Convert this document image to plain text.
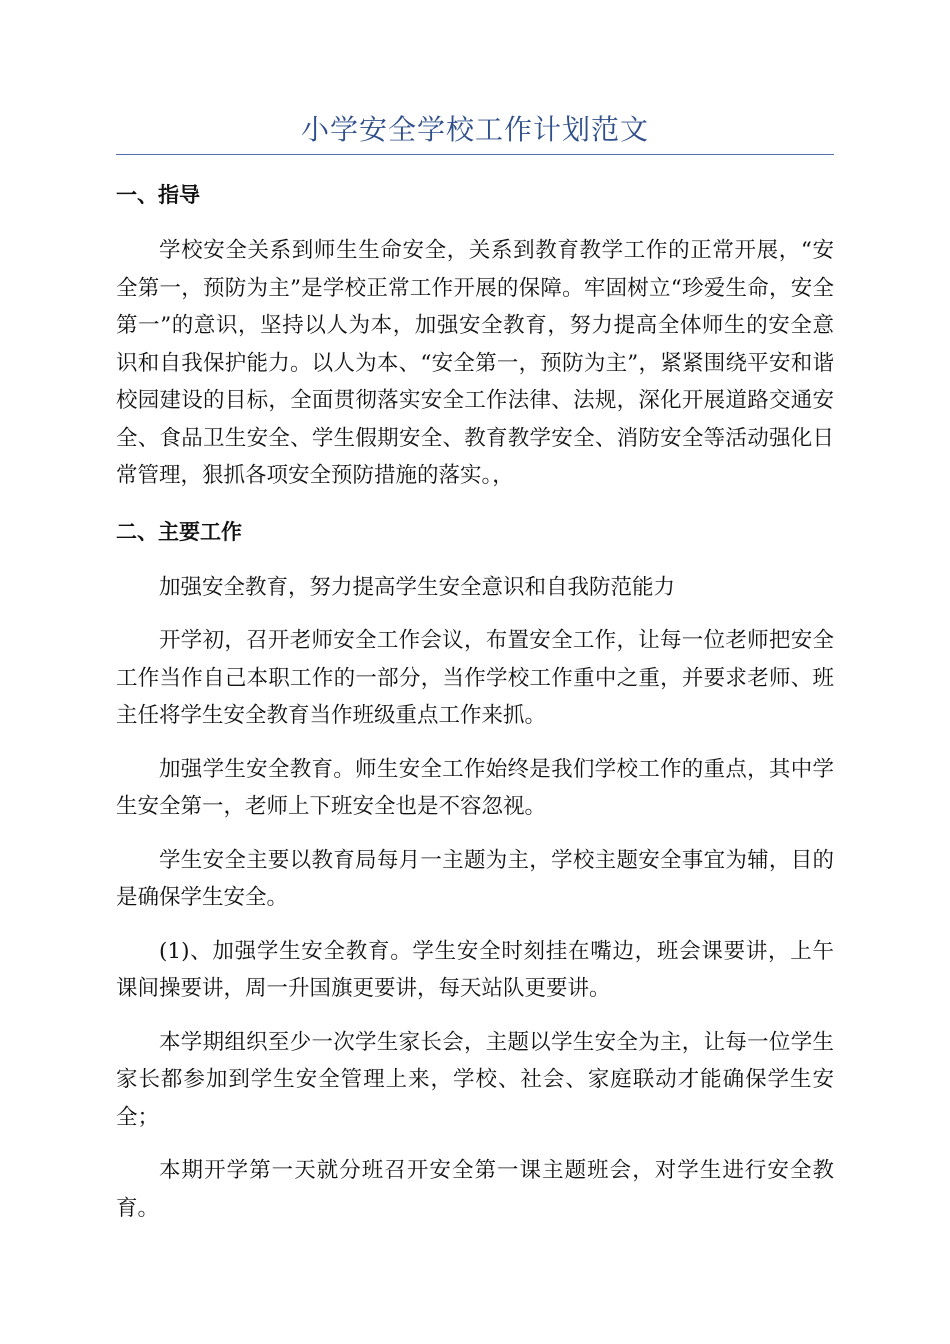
小学安全学校工作计划范文

一、指导

学校安全关系到师生生命安全，关系到教育教学工作的正常开展，“安全第一，预防为主”是学校正常工作开展的保障。牢固树立“珍爱生命，安全第一”的意识，坚持以人为本，加强安全教育，努力提高全体师生的安全意识和自我保护能力。以人为本、“安全第一，预防为主”，紧紧围绕平安和谐校园建设的目标，全面贯彻落实安全工作法律、法规，深化开展道路交通安全、食品卫生安全、学生假期安全、教育教学安全、消防安全等活动强化日常管理，狠抓各项安全预防措施的落实。，

二、主要工作

加强安全教育，努力提高学生安全意识和自我防范能力

开学初，召开老师安全工作会议，布置安全工作，让每一位老师把安全工作当作自己本职工作的一部分，当作学校工作重中之重，并要求老师、班主任将学生安全教育当作班级重点工作来抓。

加强学生安全教育。师生安全工作始终是我们学校工作的重点，其中学生安全第一，老师上下班安全也是不容忽视。

学生安全主要以教育局每月一主题为主，学校主题安全事宜为辅，目的是确保学生安全。

(1)、加强学生安全教育。学生安全时刻挂在嘴边，班会课要讲，上午课间操要讲，周一升国旗更要讲，每天站队更要讲。

本学期组织至少一次学生家长会，主题以学生安全为主，让每一位学生家长都参加到学生安全管理上来，学校、社会、家庭联动才能确保学生安全；

本期开学第一天就分班召开安全第一课主题班会，对学生进行安全教育。
